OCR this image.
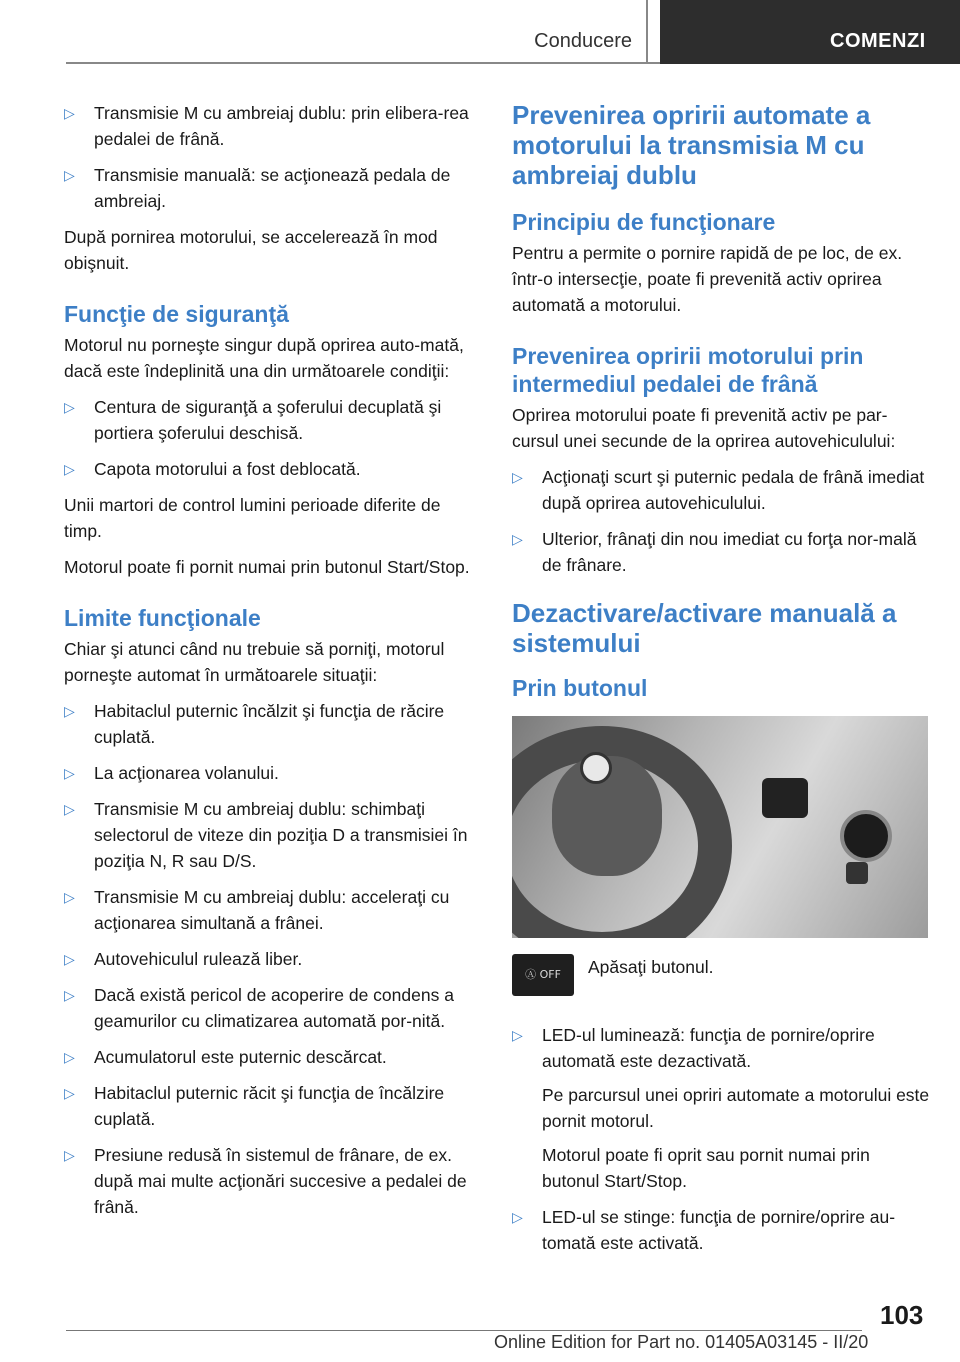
Conducere	COMENZI
▷ Transmisie M cu ambreiaj dublu: prin elibera‐rea pedalei de frână.
▷ Transmisie manuală: se acţionează pedala de ambreiaj.

După pornirea motorului, se accelerează în mod obişnuit.

Funcţie de siguranţă

Motorul nu porneşte singur după oprirea auto‐mată, dacă este îndeplinită una din următoarele condiţii:

▷ Centura de siguranţă a şoferului decuplată şi portiera şoferului deschisă.
▷ Capota motorului a fost deblocată.

Unii martori de control lumini perioade diferite de timp.

Motorul poate fi pornit numai prin butonul Start/Stop.

Limite funcţionale

Chiar şi atunci când nu trebuie să porniţi, motorul porneşte automat în următoarele situaţii:

▷ Habitaclul puternic încălzit şi funcţia de răcire cuplată.
▷ La acţionarea volanului.
▷ Transmisie M cu ambreiaj dublu: schimbaţi selectorul de viteze din poziţia D a transmisiei în poziţia N, R sau D/S.
▷ Transmisie M cu ambreiaj dublu: acceleraţi cu acţionarea simultană a frânei.
▷ Autovehiculul rulează liber.
▷ Dacă există pericol de acoperire de condens a geamurilor cu climatizarea automată por‐nită.
▷ Acumulatorul este puternic descărcat.
▷ Habitaclul puternic răcit şi funcţia de încălzire cuplată.
▷ Presiune redusă în sistemul de frânare, de ex. după mai multe acţionări succesive a pedalei de frână.
Prevenirea opririi automate a motorului la transmisia M cu ambreiaj dublu
Principiu de funcţionare

Pentru a permite o pornire rapidă de pe loc, de ex. într-o intersecţie, poate fi prevenită activ oprirea automată a motorului.

Prevenirea opririi motorului prin intermediul pedalei de frână

Oprirea motorului poate fi prevenită activ pe par‐cursul unei secunde de la oprirea autovehiculului:

▷ Acţionaţi scurt şi puternic pedala de frână imediat după oprirea autovehiculului.
▷ Ulterior, frânaţi din nou imediat cu forţa nor‐mală de frânare.
Dezactivare/activare manuală a sistemului
Prin butonul
Ⓐ OFF	Apăsaţi butonul.
▷ LED-ul luminează: funcţia de pornire/oprire automată este dezactivată.
Pe parcursul unei opriri automate a motorului este pornit motorul.
Motorul poate fi oprit sau pornit numai prin butonul Start/Stop.
▷ LED-ul se stinge: funcţia de pornire/oprire au‐tomată este activată.
103
Online Edition for Part no. 01405A03145 - II/20
